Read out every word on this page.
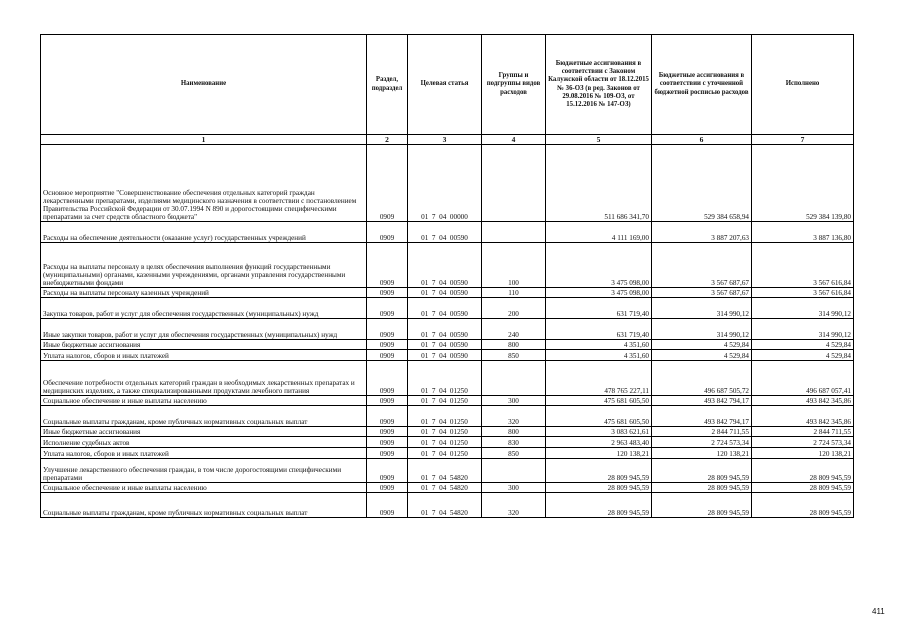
Наименование	Раздел, подраздел	Целевая статья	Группы и подгруппы видов расходов	Бюджетные ассигнования в соответствии с Законом Калужской области от 18.12.2015 № 36-ОЗ (в ред. Законов от 29.08.2016 № 109-ОЗ, от 15.12.2016 № 147-ОЗ)	Бюджетные ассигнования в соответствии с уточненной бюджетной росписью расходов	Исполнено
1	2	3	4	5	6	7
Основное мероприятие "Совершенствование обеспечения отдельных категорий граждан лекарственными препаратами, изделиями медицинского назначения в соответствии с постановлением Правительства Российской Федерации от 30.07.1994 N 890 и дорогостоящими специфическими препаратами за счет средств областного бюджета"	0909	01  7  04  00000		511 686 341,70	529 384 658,94	529 384 139,80
Расходы на обеспечение деятельности (оказание услуг) государственных учреждений	0909	01  7  04  00590		4 111 169,00	3 887 207,63	3 887 136,80
Расходы на выплаты персоналу в целях обеспечения выполнения функций государственными (муниципальными) органами, казенными учреждениями, органами управления государственными внебюджетными фондами	0909	01  7  04  00590	100	3 475 098,00	3 567 687,67	3 567 616,84
Расходы на выплаты персоналу казенных учреждений	0909	01  7  04  00590	110	3 475 098,00	3 567 687,67	3 567 616,84
Закупка товаров, работ и услуг для обеспечения государственных (муниципальных) нужд	0909	01  7  04  00590	200	631 719,40	314 990,12	314 990,12
Иные закупки товаров, работ и услуг для обеспечения государственных (муниципальных) нужд	0909	01  7  04  00590	240	631 719,40	314 990,12	314 990,12
Иные бюджетные ассигнования	0909	01  7  04  00590	800	4 351,60	4 529,84	4 529,84
Уплата налогов, сборов и иных платежей	0909	01  7  04  00590	850	4 351,60	4 529,84	4 529,84
Обеспечение потребности отдельных категорий граждан в необходимых лекарственных препаратах и медицинских изделиях, а также специализированными продуктами лечебного питания	0909	01  7  04  01250		478 765 227,11	496 687 505,72	496 687 057,41
Социальное обеспечение и иные выплаты населению	0909	01  7  04  01250	300	475 681 605,50	493 842 794,17	493 842 345,86
Социальные выплаты гражданам, кроме публичных нормативных социальных выплат	0909	01  7  04  01250	320	475 681 605,50	493 842 794,17	493 842 345,86
Иные бюджетные ассигнования	0909	01  7  04  01250	800	3 083 621,61	2 844 711,55	2 844 711,55
Исполнение судебных актов	0909	01  7  04  01250	830	2 963 483,40	2 724 573,34	2 724 573,34
Уплата налогов, сборов и иных платежей	0909	01  7  04  01250	850	120 138,21	120 138,21	120 138,21
Улучшение лекарственного обеспечения граждан, в том числе дорогостоящими специфическими препаратами	0909	01  7  04  54820		28 809 945,59	28 809 945,59	28 809 945,59
Социальное обеспечение и иные выплаты населению	0909	01  7  04  54820	300	28 809 945,59	28 809 945,59	28 809 945,59
Социальные выплаты гражданам, кроме публичных нормативных социальных выплат	0909	01  7  04  54820	320	28 809 945,59	28 809 945,59	28 809 945,59
411
